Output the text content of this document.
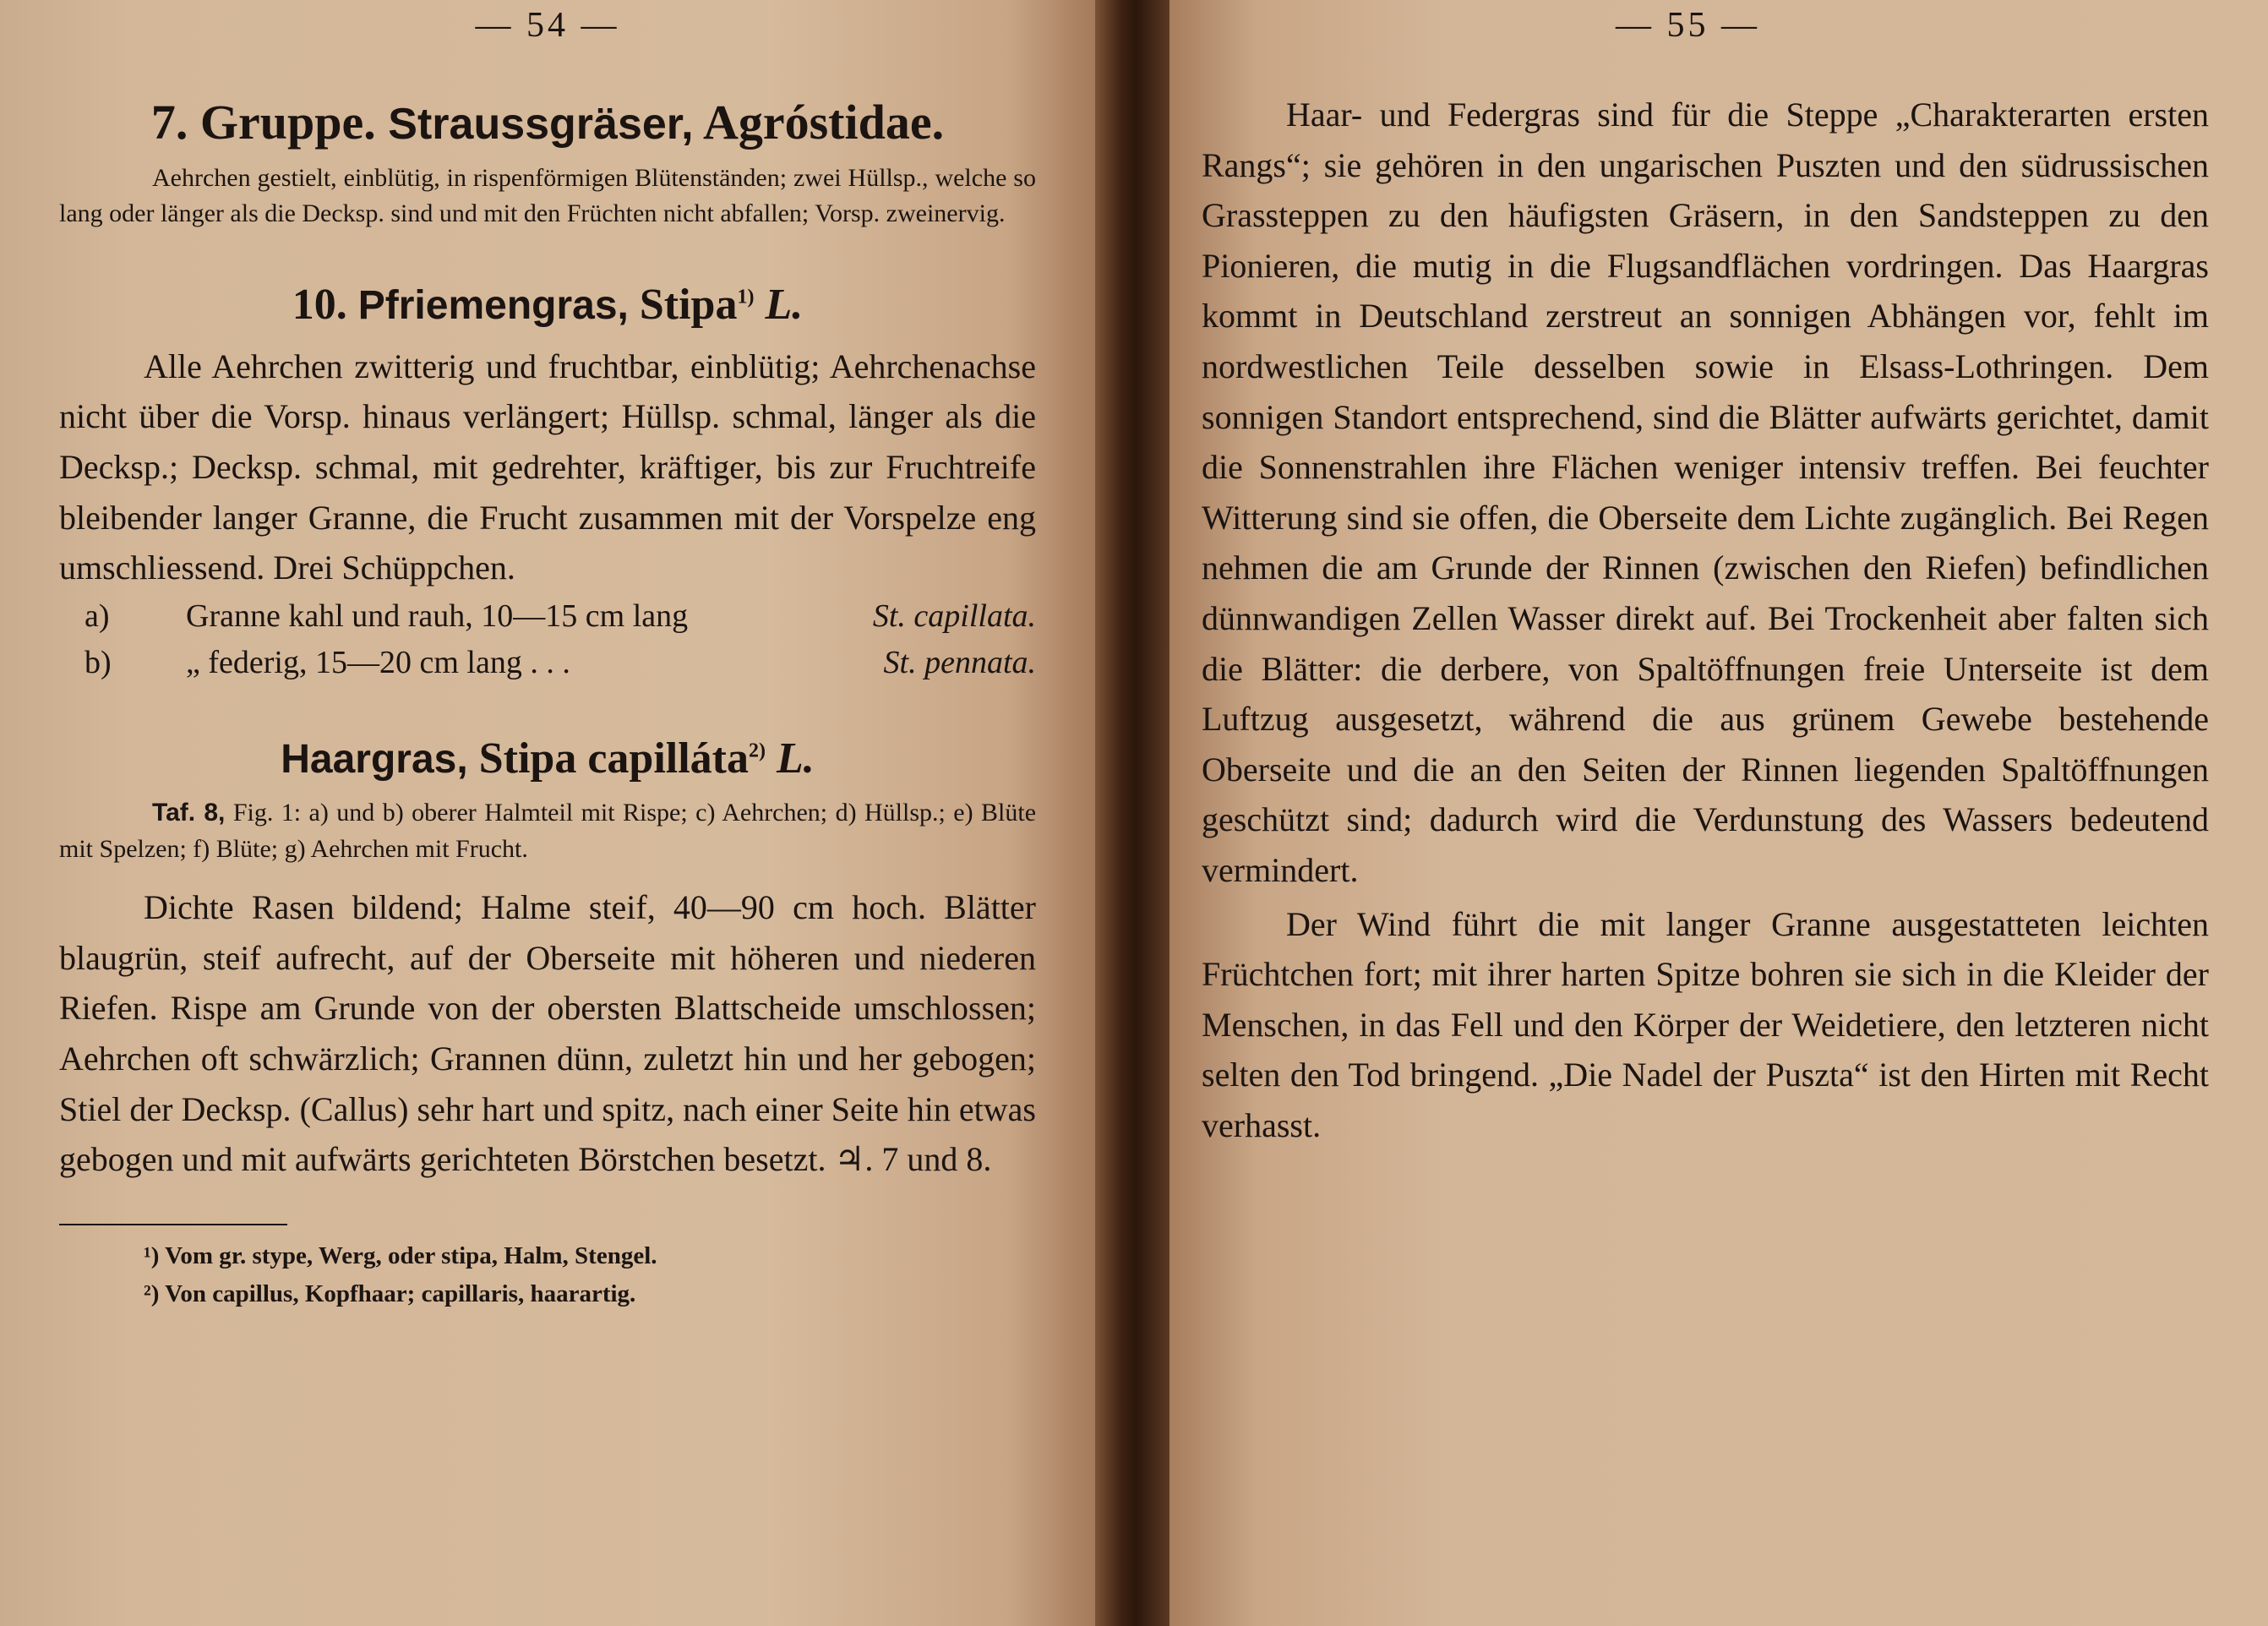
— 54 —

7. Gruppe. Straussgräser, Agróstidae.

Aehrchen gestielt, einblütig, in rispenförmigen Blütenständen; zwei Hüllsp., welche so lang oder länger als die Decksp. sind und mit den Früchten nicht abfallen; Vorsp. zweinervig.

10. Pfriemengras, Stipa$^{1)}$ L.

Alle Aehrchen zwitterig und fruchtbar, einblütig; Aehrchenachse nicht über die Vorsp. hinaus verlängert; Hüllsp. schmal, länger als die Decksp.; Decksp. schmal, mit gedrehter, kräftiger, bis zur Fruchtreife bleibender langer Granne, die Frucht zusammen mit der Vorspelze eng umschliessend. Drei Schüppchen.

a)	Granne kahl und rauh, 10—15 cm lang	St. capillata.
b)	„ federig, 15—20 cm lang . . .	St. pennata.
Haargras, Stipa capilláta$^{2)}$ L.

Taf. 8, Fig. 1: a) und b) oberer Halmteil mit Rispe; c) Aehrchen; d) Hüllsp.; e) Blüte mit Spelzen; f) Blüte; g) Aehrchen mit Frucht.

Dichte Rasen bildend; Halme steif, 40—90 cm hoch. Blätter blaugrün, steif aufrecht, auf der Oberseite mit höheren und niederen Riefen. Rispe am Grunde von der obersten Blattscheide umschlossen; Aehrchen oft schwärzlich; Grannen dünn, zuletzt hin und her gebogen; Stiel der Decksp. (Callus) sehr hart und spitz, nach einer Seite hin etwas gebogen und mit aufwärts gerichteten Börstchen besetzt. ♃. 7 und 8.

¹) Vom gr. stype, Werg, oder stipa, Halm, Stengel.

²) Von capillus, Kopfhaar; capillaris, haarartig.

— 55 —

Haar- und Federgras sind für die Steppe „Charakterarten ersten Rangs“; sie gehören in den ungarischen Puszten und den südrussischen Grassteppen zu den häufigsten Gräsern, in den Sandsteppen zu den Pionieren, die mutig in die Flugsandflächen vordringen. Das Haargras kommt in Deutschland zerstreut an sonnigen Abhängen vor, fehlt im nordwestlichen Teile desselben sowie in Elsass-Lothringen. Dem sonnigen Standort entsprechend, sind die Blätter aufwärts gerichtet, damit die Sonnenstrahlen ihre Flächen weniger intensiv treffen. Bei feuchter Witterung sind sie offen, die Oberseite dem Lichte zugänglich. Bei Regen nehmen die am Grunde der Rinnen (zwischen den Riefen) befindlichen dünnwandigen Zellen Wasser direkt auf. Bei Trockenheit aber falten sich die Blätter: die derbere, von Spaltöffnungen freie Unterseite ist dem Luftzug ausgesetzt, während die aus grünem Gewebe bestehende Oberseite und die an den Seiten der Rinnen liegenden Spaltöffnungen geschützt sind; dadurch wird die Verdunstung des Wassers bedeutend vermindert.

Der Wind führt die mit langer Granne ausgestatteten leichten Früchtchen fort; mit ihrer harten Spitze bohren sie sich in die Kleider der Menschen, in das Fell und den Körper der Weidetiere, den letzteren nicht selten den Tod bringend. „Die Nadel der Puszta“ ist den Hirten mit Recht verhasst.
